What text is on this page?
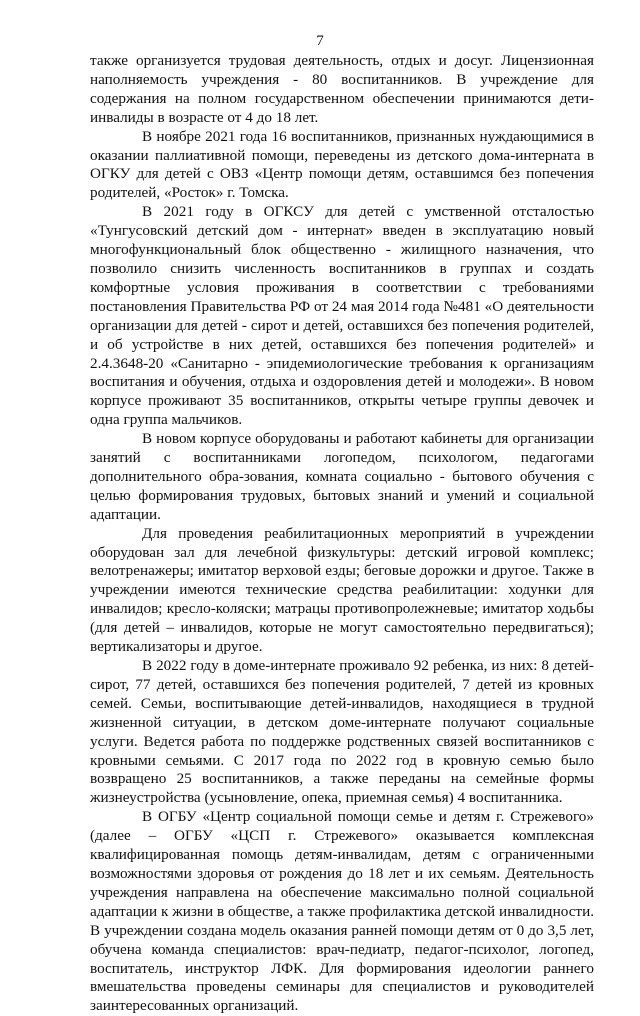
7

также организуется трудовая деятельность, отдых и досуг. Лицензионная наполняемость учреждения - 80 воспитанников. В учреждение для содержания на полном государственном обеспечении принимаются дети-инвалиды в возрасте от 4 до 18 лет.

В ноябре 2021 года 16 воспитанников, признанных нуждающимися в оказании паллиативной помощи, переведены из детского дома-интерната в ОГКУ для детей с ОВЗ «Центр помощи детям, оставшимся без попечения родителей, «Росток» г. Томска.

В 2021 году в ОГКСУ для детей с умственной отсталостью «Тунгусовский детский дом - интернат» введен в эксплуатацию новый многофункциональный блок общественно - жилищного назначения, что позволило снизить численность воспитанников в группах и создать комфортные условия проживания в соответствии с требованиями постановления Правительства РФ от 24 мая 2014 года №481 «О деятельности организации для детей - сирот и детей, оставшихся без попечения родителей, и об устройстве в них детей, оставшихся без попечения родителей» и 2.4.3648-20 «Санитарно - эпидемиологические требования к организациям воспитания и обучения, отдыха и оздоровления детей и молодежи». В новом корпусе проживают 35 воспитанников, открыты четыре группы девочек и одна группа мальчиков.

В новом корпусе оборудованы и работают кабинеты для организации занятий с воспитанниками логопедом, психологом, педагогами дополнительного обра-зования, комната социально - бытового обучения с целью формирования трудовых, бытовых знаний и умений и социальной адаптации.

Для проведения реабилитационных мероприятий в учреждении оборудован зал для лечебной физкультуры: детский игровой комплекс; велотренажеры; имитатор верховой езды; беговые дорожки и другое. Также в учреждении имеются технические средства реабилитации: ходунки для инвалидов; кресло-коляски; матрацы противопролежневые; имитатор ходьбы (для детей – инвалидов, которые не могут самостоятельно передвигаться); вертикализаторы и другое.

В 2022 году в доме-интернате проживало 92 ребенка, из них: 8 детей-сирот, 77 детей, оставшихся без попечения родителей, 7 детей из кровных семей. Семьи, воспитывающие детей-инвалидов, находящиеся в трудной жизненной ситуации, в детском доме-интернате получают социальные услуги. Ведется работа по поддержке родственных связей воспитанников с кровными семьями. С 2017 года по 2022 год в кровную семью было возвращено 25 воспитанников, а также переданы на семейные формы жизнеустройства (усыновление, опека, приемная семья) 4 воспитанника.

В ОГБУ «Центр социальной помощи семье и детям г. Стрежевого» (далее – ОГБУ «ЦСП г. Стрежевого» оказывается комплексная квалифицированная помощь детям-инвалидам, детям с ограниченными возможностями здоровья от рождения до 18 лет и их семьям. Деятельность учреждения направлена на обеспечение максимально полной социальной адаптации к жизни в обществе, а также профилактика детской инвалидности. В учреждении создана модель оказания ранней помощи детям от 0 до 3,5 лет, обучена команда специалистов: врач-педиатр, педагог-психолог, логопед, воспитатель, инструктор ЛФК. Для формирования идеологии раннего вмешательства проведены семинары для специалистов и руководителей заинтересованных организаций.
